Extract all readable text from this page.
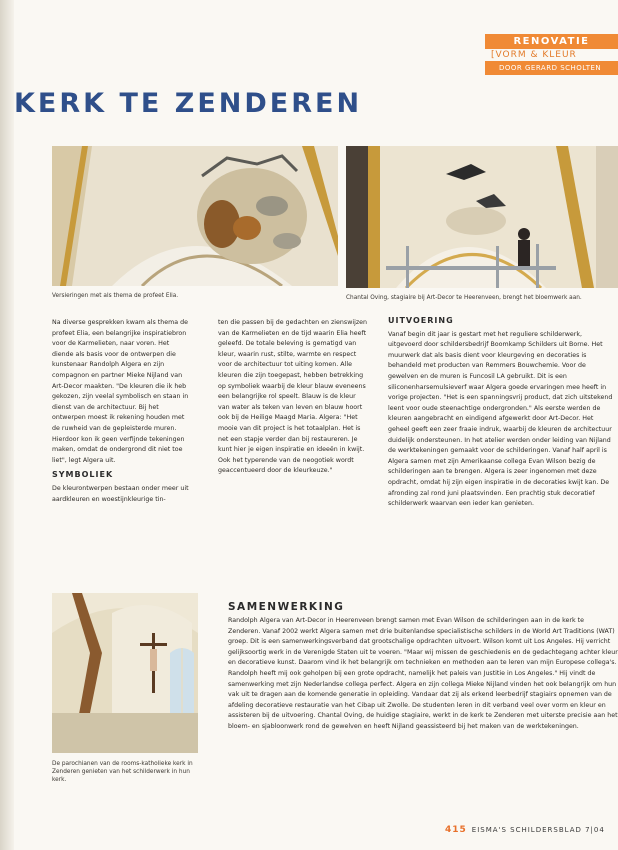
RENOVATIE
[VORM & KLEUR
DOOR GERARD SCHOLTEN
KERK TE ZENDEREN
Versieringen met als thema de profeet Elia.	Chantal Oving, stagiaire bij Art-Decor te Heerenveen, brengt het bloemwerk aan.

Na diverse gesprekken kwam als thema de profeet Elia, een belangrijke inspiratiebron voor de Karmelieten, naar voren. Het diende als basis voor de ontwerpen die kunstenaar Randolph Algera en zijn compagnon en partner Mieke Nijland van Art-Decor maakten. "De kleuren die ik heb gekozen, zijn veelal symbolisch en staan in dienst van de architectuur. Bij het ontwerpen moest ik rekening houden met de ruwheid van de gepleisterde muren. Hierdoor kon ik geen verfijnde tekeningen maken, omdat de ondergrond dit niet toe liet", legt Algera uit.

SYMBOLIEK

De kleurontwerpen bestaan onder meer uit aardkleuren en woestijnkleurige tin-

ten die passen bij de gedachten en zienswijzen van de Karmelieten en de tijd waarin Elia heeft geleefd. De totale beleving is gematigd van kleur, waarin rust, stilte, warmte en respect voor de architectuur tot uiting komen. Alle kleuren die zijn toegepast, hebben betrekking op symboliek waarbij de kleur blauw eveneens een belangrijke rol speelt. Blauw is de kleur van water als teken van leven en blauw hoort ook bij de Heilige Maagd Maria. Algera: "Het mooie van dit project is het totaalplan. Het is net een stapje verder dan bij restaureren. Je kunt hier je eigen inspiratie en ideeën in kwijt. Ook het typerende van de neogotiek wordt geaccentueerd door de kleurkeuze."

UITVOERING

Vanaf begin dit jaar is gestart met het reguliere schilderwerk, uitgevoerd door schildersbedrijf Boomkamp Schilders uit Borne. Het muurwerk dat als basis dient voor kleurgeving en decoraties is behandeld met producten van Remmers Bouwchemie. Voor de gewelven en de muren is Funcosil LA gebruikt. Dit is een siliconenharsemulsieverf waar Algera goede ervaringen mee heeft in vorige projecten. "Het is een spanningsvrij product, dat zich uitstekend leent voor oude steenachtige ondergronden." Als eerste werden de kleuren aangebracht en eindigend afgewerkt door Art-Decor. Het geheel geeft een zeer fraaie indruk, waarbij de kleuren de architectuur duidelijk ondersteunen. In het atelier werden onder leiding van Nijland de werktekeningen gemaakt voor de schilderingen. Vanaf half april is Algera samen met zijn Amerikaanse collega Evan Wilson bezig de schilderingen aan te brengen. Algera is zeer ingenomen met deze opdracht, omdat hij zijn eigen inspiratie in de decoraties kwijt kan. De afronding zal rond juni plaatsvinden. Een prachtig stuk decoratief schilderwerk waarvan een ieder kan genieten.

De parochianen van de rooms-katholieke kerk in Zenderen genieten van het schilderwerk in hun kerk.
SAMENWERKING

Randolph Algera van Art-Decor in Heerenveen brengt samen met Evan Wilson de schilderingen aan in de kerk te Zenderen. Vanaf 2002 werkt Algera samen met drie buitenlandse specialistische schilders in de World Art Traditions (WAT) groep. Dit is een samenwerkingsverband dat grootschalige opdrachten uitvoert. Wilson komt uit Los Angeles. Hij verricht gelijksoortig werk in de Verenigde Staten uit te voeren. "Maar wij missen de geschiedenis en de gedachtegang achter kleur en decoratieve kunst. Daarom vind ik het belangrijk om technieken en methoden aan te leren van mijn Europese collega's. Randolph heeft mij ook geholpen bij een grote opdracht, namelijk het paleis van Justitie in Los Angeles." Hij vindt de samenwerking met zijn Nederlandse collega perfect. Algera en zijn collega Mieke Nijland vinden het ook belangrijk om hun vak uit te dragen aan de komende generatie in opleiding. Vandaar dat zij als erkend leerbedrijf stagiairs opnemen van de afdeling decoratieve restauratie van het Cibap uit Zwolle. De studenten leren in dit verband veel over vorm en kleur en assisteren bij de uitvoering. Chantal Oving, de huidige stagiaire, werkt in de kerk te Zenderen met uiterste precisie aan het bloem- en sjabloonwerk rond de gewelven en heeft Nijland geassisteerd bij het maken van de werktekeningen.

415 EISMA'S SCHILDERSBLAD 7|04
